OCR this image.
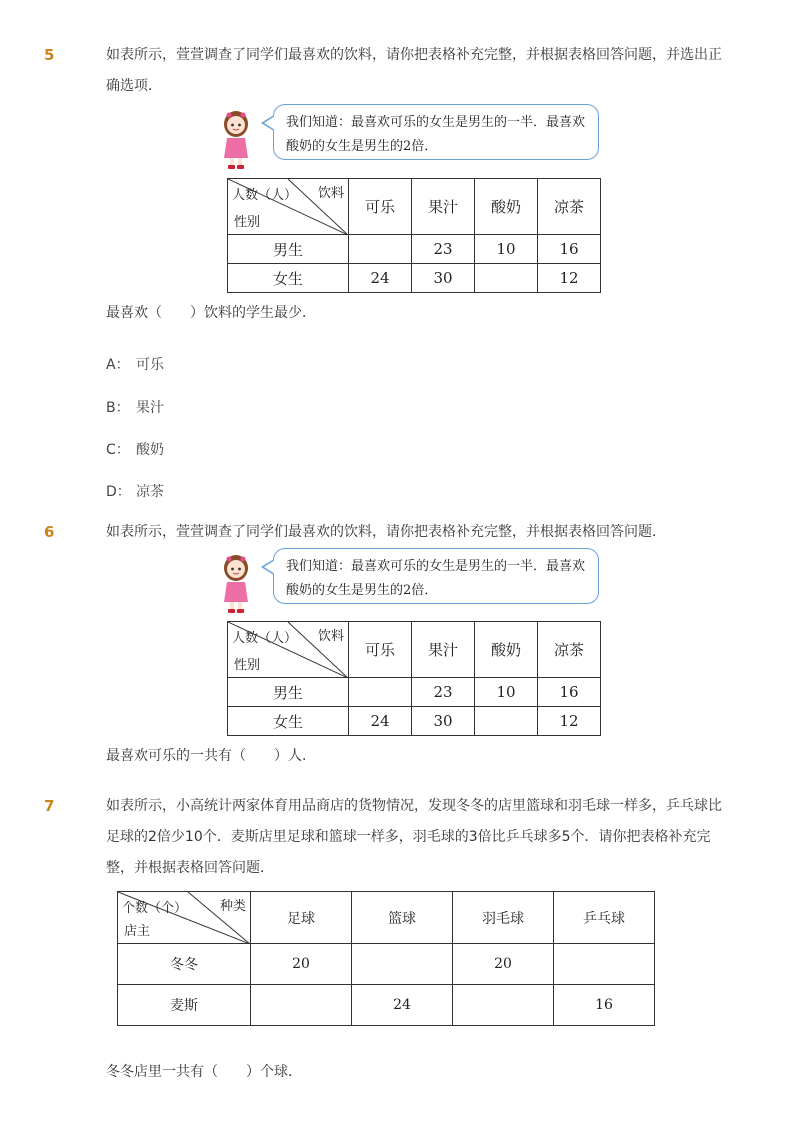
5	如表所示，萱萱调查了同学们最喜欢的饮料，请你把表格补充完整，并根据表格回答问题，并选出正确选项．
我们知道：最喜欢可乐的女生是男生的一半．最喜欢酸奶的女生是男生的2倍．
人数（人） 饮料
性别	可乐	果汁	酸奶	凉茶
男生		23	10	16
女生	24	30		12
最喜欢（　　）饮料的学生最少．
A： 可乐
B： 果汁
C： 酸奶
D： 凉茶
6	如表所示，萱萱调查了同学们最喜欢的饮料，请你把表格补充完整，并根据表格回答问题．
我们知道：最喜欢可乐的女生是男生的一半．最喜欢酸奶的女生是男生的2倍．
人数（人） 饮料
性别	可乐	果汁	酸奶	凉茶
男生		23	10	16
女生	24	30		12
最喜欢可乐的一共有（　　）人．
7	如表所示，小高统计两家体育用品商店的货物情况，发现冬冬的店里篮球和羽毛球一样多，乒乓球比足球的2倍少10个．麦斯店里足球和篮球一样多，羽毛球的3倍比乒乓球多5个．请你把表格补充完整，并根据表格回答问题．
个数（个） 种类
店主	足球	篮球	羽毛球	乒乓球
冬冬	20		20	
麦斯		24		16
冬冬店里一共有（　　）个球．
